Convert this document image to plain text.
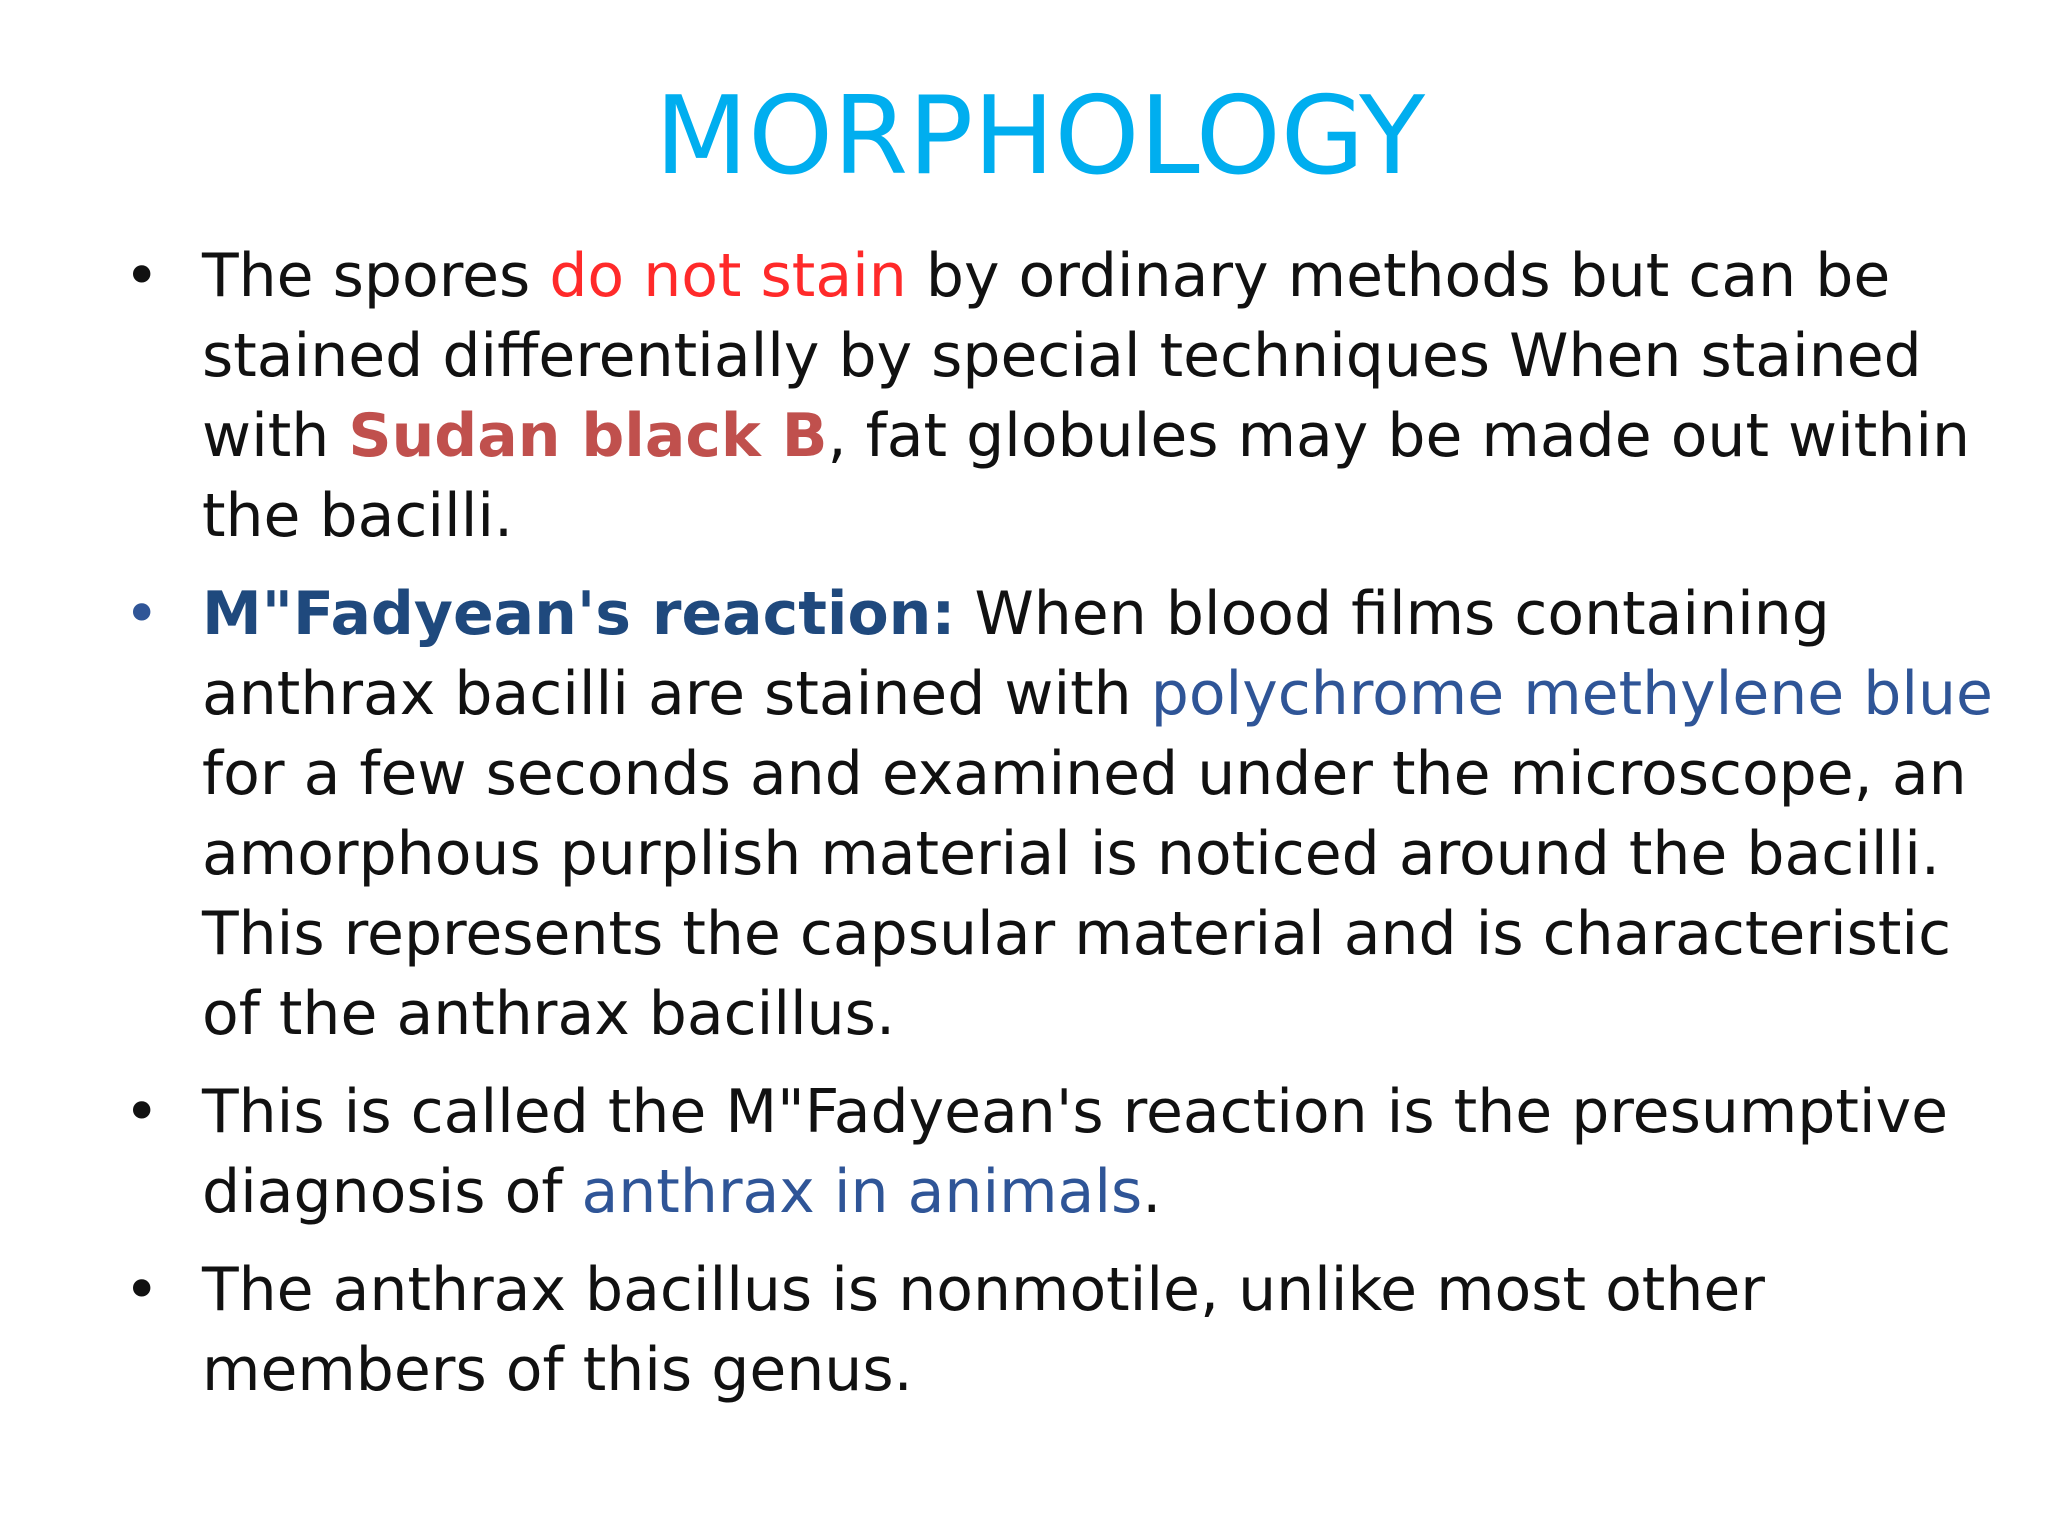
MORPHOLOGY
• The spores do not stain by ordinary methods but can be stained differentially by special techniques When stained with Sudan black B, fat globules may be made out within the bacilli.
• M"Fadyean's reaction: When blood films containing anthrax bacilli are stained with polychrome methylene blue for a few seconds and examined under the microscope, an amorphous purplish material is noticed around the bacilli. This represents the capsular material and is characteristic of the anthrax bacillus.
• This is called the M"Fadyean's reaction is the presumptive diagnosis of anthrax in animals.
• The anthrax bacillus is nonmotile, unlike most other members of this genus.
